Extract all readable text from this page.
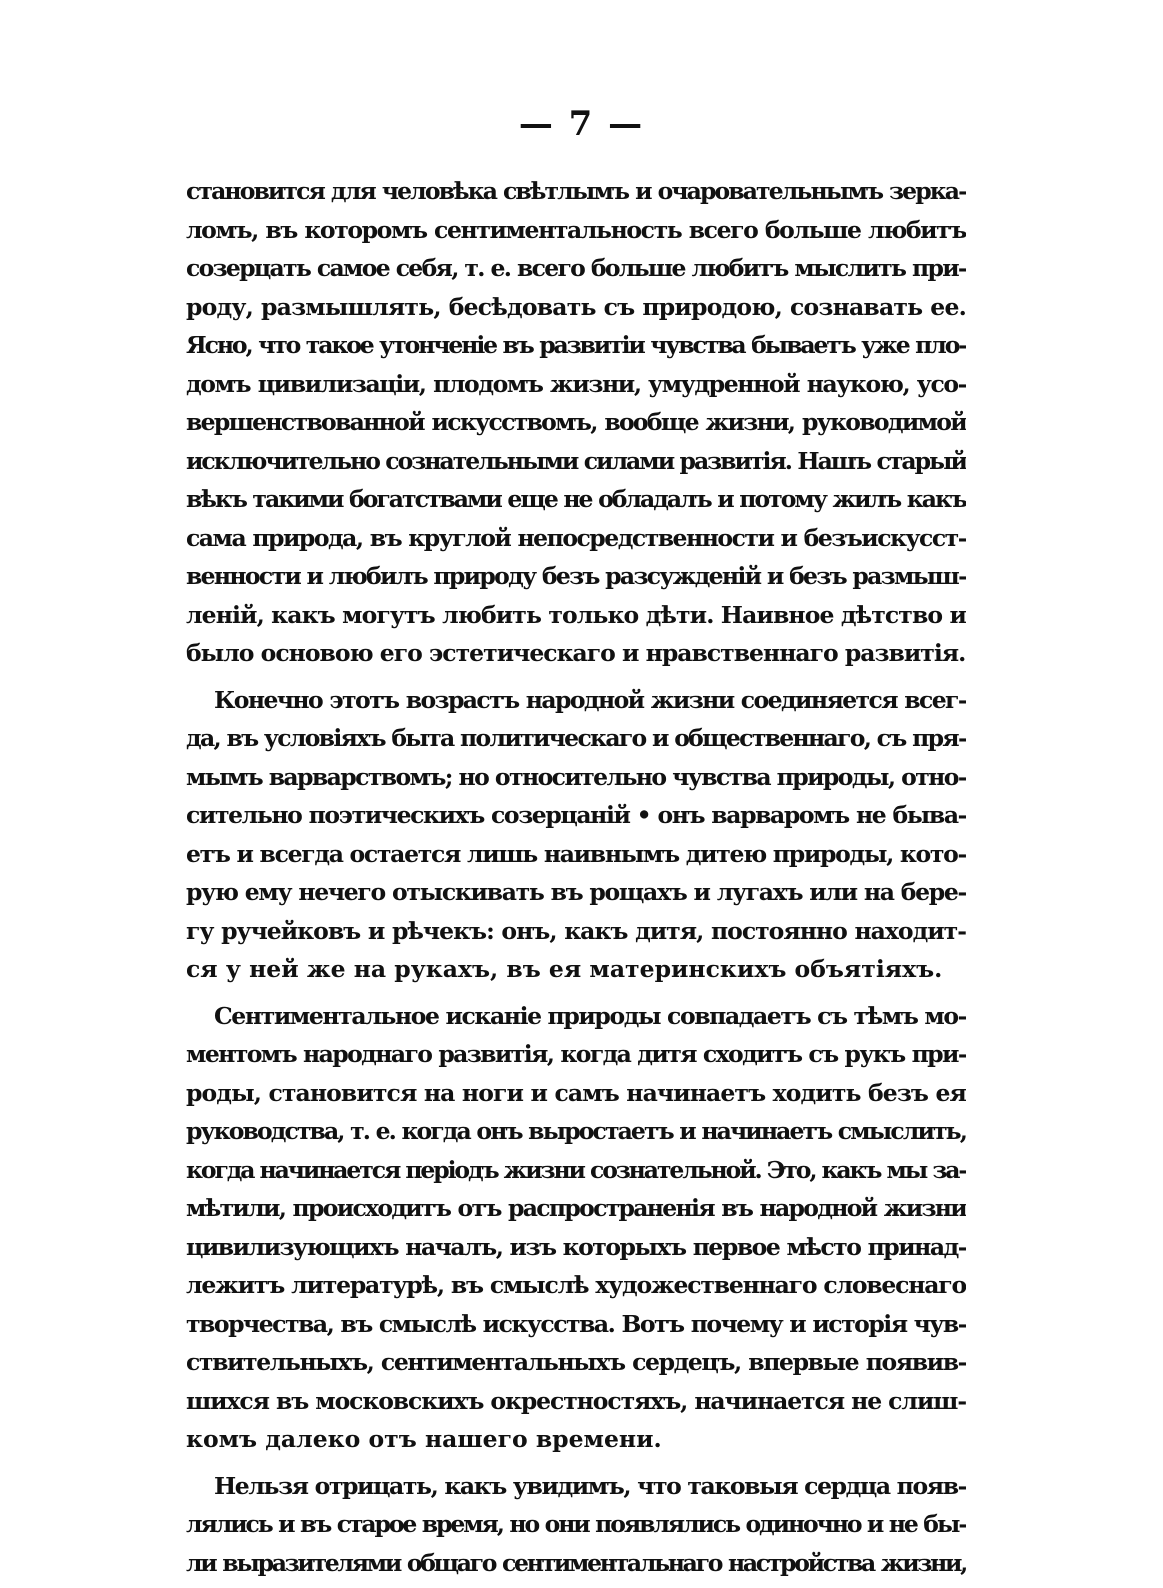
— 7 —
становится для человѣка свѣтлымъ и очаровательнымъ зерка-
ломъ, въ которомъ сентиментальность всего больше любитъ
созерцать самое себя, т. е. всего больше любитъ мыслить при-
роду, размышлять, бесѣдовать съ природою, сознавать ее.
Ясно, что такое утонченіе въ развитіи чувства бываетъ уже пло-
домъ цивилизаціи, плодомъ жизни, умудренной наукою, усо-
вершенствованной искусствомъ, вообще жизни, руководимой
исключительно сознательными силами развитія. Нашъ старый
вѣкъ такими богатствами еще не обладалъ и потому жилъ какъ
сама природа, въ круглой непосредственности и безъискусст-
венности и любилъ природу безъ разсужденій и безъ размыш-
леній, какъ могутъ любить только дѣти. Наивное дѣтство и
было основою его эстетическаго и нравственнаго развитія.
Конечно этотъ возрастъ народной жизни соединяется всег-
да, въ условіяхъ быта политическаго и общественнаго, съ пря-
мымъ варварствомъ; но относительно чувства природы, отно-
сительно поэтическихъ созерцаній • онъ варваромъ не быва-
етъ и всегда остается лишь наивнымъ дитею природы, кото-
рую ему нечего отыскивать въ рощахъ и лугахъ или на бере-
гу ручейковъ и рѣчекъ: онъ, какъ дитя, постоянно находит-
ся у ней же на рукахъ, въ ея материнскихъ объятіяхъ.
Сентиментальное исканіе природы совпадаетъ съ тѣмъ мо-
ментомъ народнаго развитія, когда дитя сходитъ съ рукъ при-
роды, становится на ноги и самъ начинаетъ ходить безъ ея
руководства, т. е. когда онъ выростаетъ и начинаетъ смыслить,
когда начинается періодъ жизни сознательной. Это, какъ мы за-
мѣтили, происходитъ отъ распространенія въ народной жизни
цивилизующихъ началъ, изъ которыхъ первое мѣсто принад-
лежитъ литературѣ, въ смыслѣ художественнаго словеснаго
творчества, въ смыслѣ искусства. Вотъ почему и исторія чув-
ствительныхъ, сентиментальныхъ сердецъ, впервые появив-
шихся въ московскихъ окрестностяхъ, начинается не слиш-
комъ далеко отъ нашего времени.
Нельзя отрицать, какъ увидимъ, что таковыя сердца появ-
лялись и въ старое время, но они появлялись одиночно и не бы-
ли выразителями общаго сентиментальнаго настройства жизни,
